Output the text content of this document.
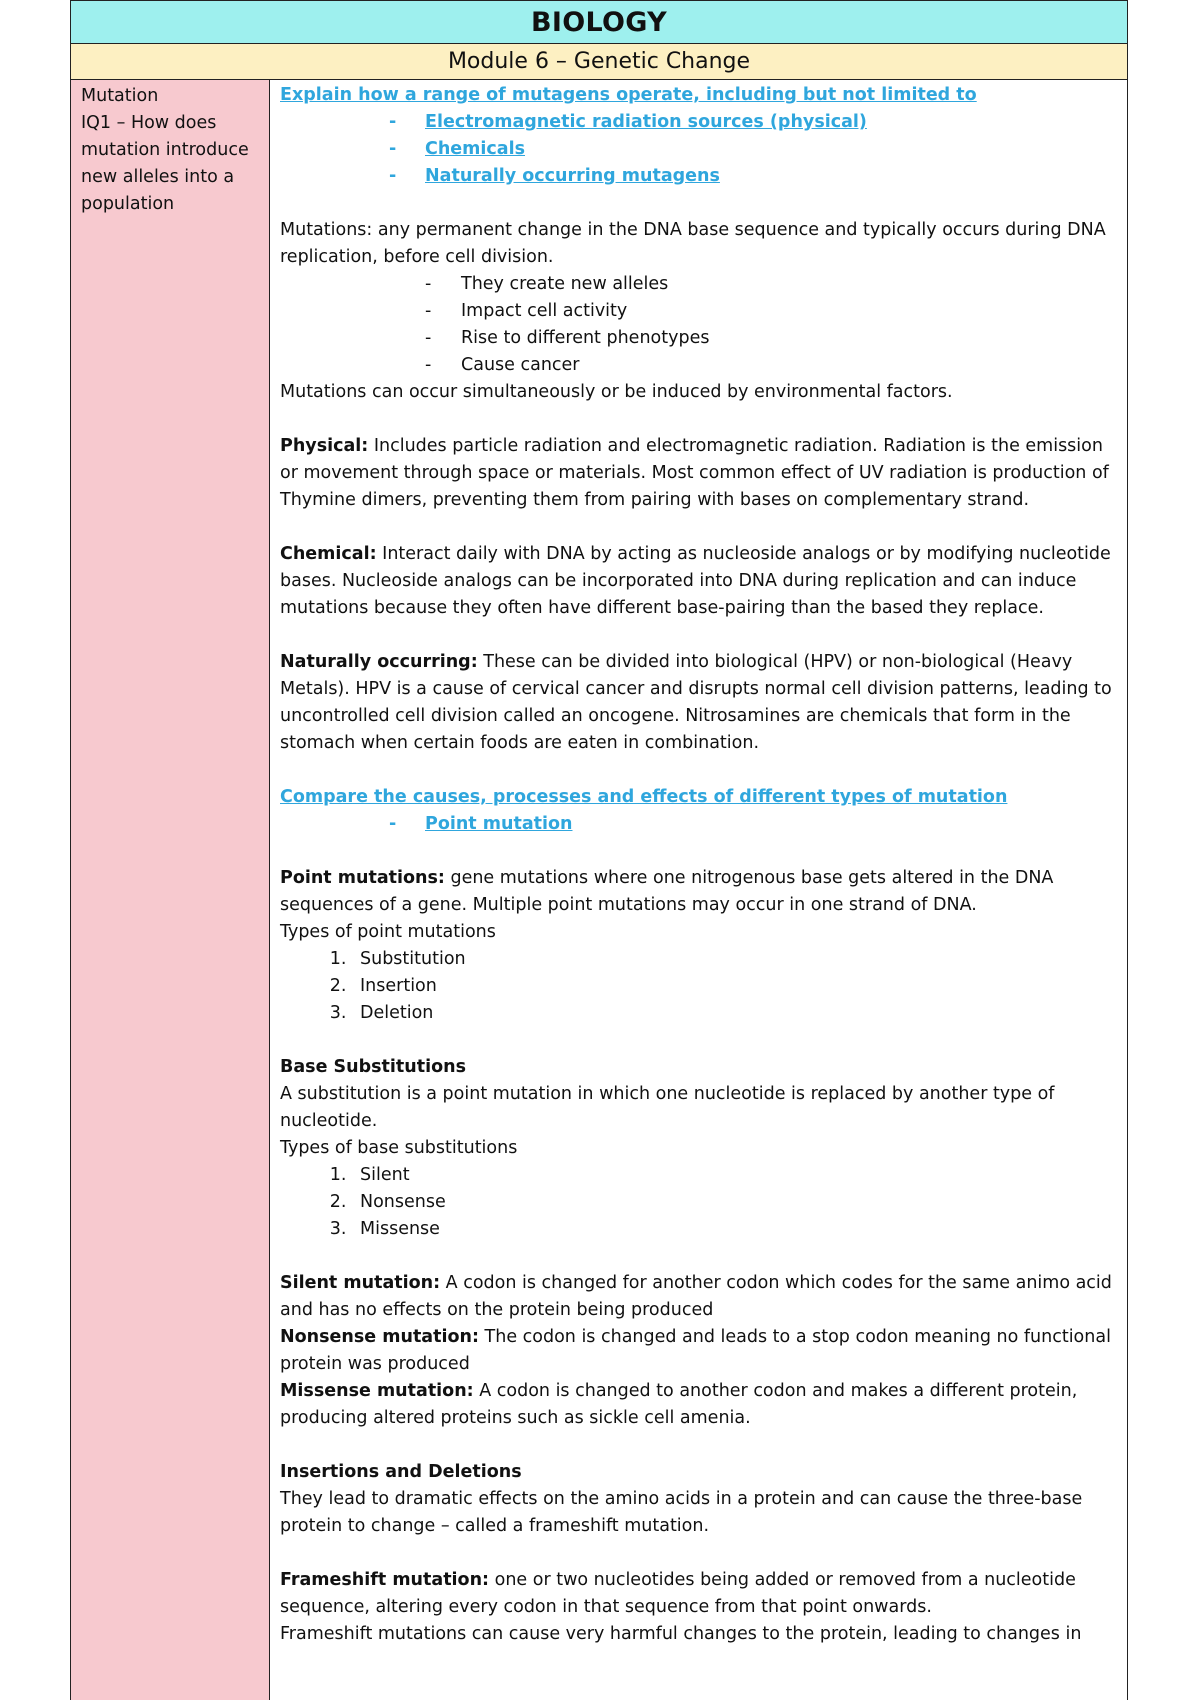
BIOLOGY
Module 6 – Genetic Change
Mutation
IQ1 – How does
mutation introduce
new alleles into a
population

Explain how a range of mutagens operate, including but not limited to

- Electromagnetic radiation sources (physical)
- Chemicals
- Naturally occurring mutagens

Mutations: any permanent change in the DNA base sequence and typically occurs during DNA replication, before cell division.

- They create new alleles
- Impact cell activity
- Rise to different phenotypes
- Cause cancer

Mutations can occur simultaneously or be induced by environmental factors.

Physical: Includes particle radiation and electromagnetic radiation. Radiation is the emission or movement through space or materials. Most common effect of UV radiation is production of Thymine dimers, preventing them from pairing with bases on complementary strand.

Chemical: Interact daily with DNA by acting as nucleoside analogs or by modifying nucleotide bases. Nucleoside analogs can be incorporated into DNA during replication and can induce mutations because they often have different base-pairing than the based they replace.

Naturally occurring: These can be divided into biological (HPV) or non-biological (Heavy Metals). HPV is a cause of cervical cancer and disrupts normal cell division patterns, leading to uncontrolled cell division called an oncogene. Nitrosamines are chemicals that form in the stomach when certain foods are eaten in combination.

Compare the causes, processes and effects of different types of mutation

- Point mutation

Point mutations: gene mutations where one nitrogenous base gets altered in the DNA sequences of a gene. Multiple point mutations may occur in one strand of DNA.

Types of point mutations

1. Substitution
2. Insertion
3. Deletion

Base Substitutions

A substitution is a point mutation in which one nucleotide is replaced by another type of nucleotide.

Types of base substitutions

1. Silent
2. Nonsense
3. Missense

Silent mutation: A codon is changed for another codon which codes for the same animo acid and has no effects on the protein being produced

Nonsense mutation: The codon is changed and leads to a stop codon meaning no functional protein was produced

Missense mutation: A codon is changed to another codon and makes a different protein, producing altered proteins such as sickle cell amenia.

Insertions and Deletions

They lead to dramatic effects on the amino acids in a protein and can cause the three-base protein to change – called a frameshift mutation.

Frameshift mutation: one or two nucleotides being added or removed from a nucleotide sequence, altering every codon in that sequence from that point onwards.

Frameshift mutations can cause very harmful changes to the protein, leading to changes in
